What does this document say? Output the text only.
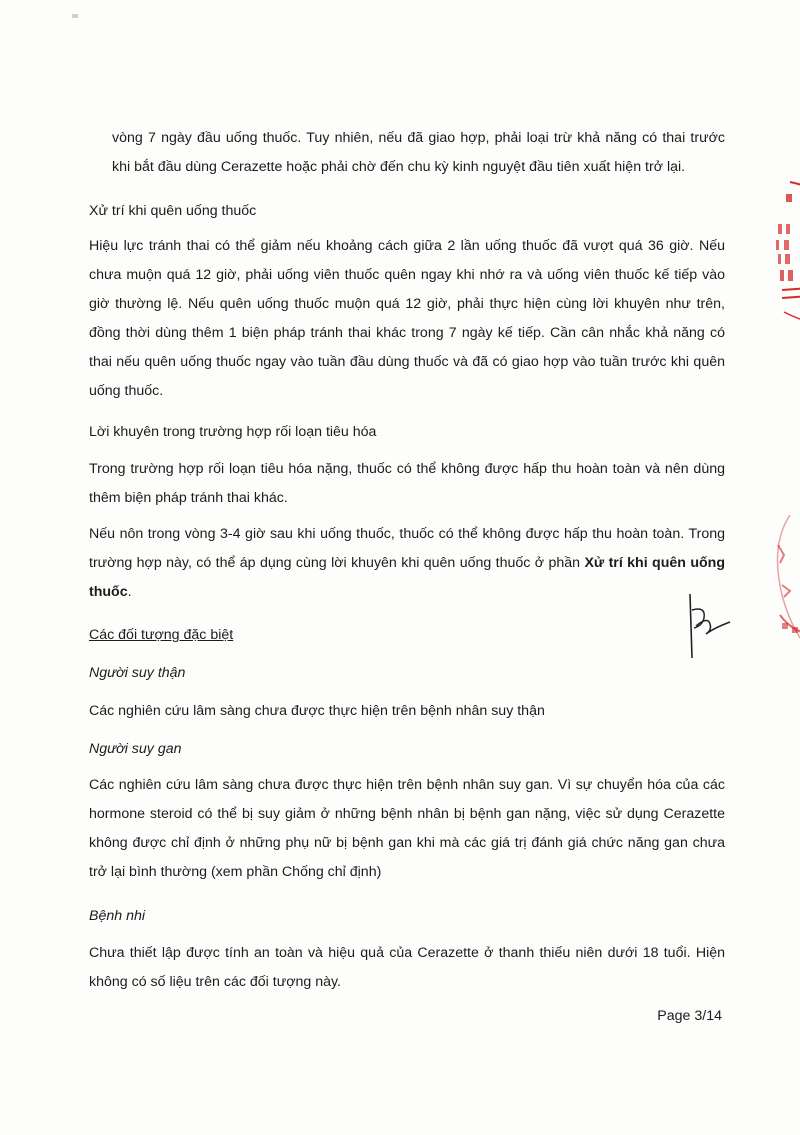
vòng 7 ngày đầu uống thuốc. Tuy nhiên, nếu đã giao hợp, phải loại trừ khả năng có thai trước
khi bắt đầu dùng Cerazette hoặc phải chờ đến chu kỳ kinh nguyệt đầu tiên xuất hiện trở lại.

Xử trí khi quên uống thuốc

Hiệu lực tránh thai có thể giảm nếu khoảng cách giữa 2 lần uống thuốc đã vượt quá 36 giờ. Nếu
chưa muộn quá 12 giờ, phải uống viên thuốc quên ngay khi nhớ ra và uống viên thuốc kế tiếp vào
giờ thường lệ. Nếu quên uống thuốc muộn quá 12 giờ, phải thực hiện cùng lời khuyên như trên,
đồng thời dùng thêm 1 biện pháp tránh thai khác trong 7 ngày kế tiếp. Cần cân nhắc khả năng có
thai nếu quên uống thuốc ngay vào tuần đầu dùng thuốc và đã có giao hợp vào tuần trước khi quên
uống thuốc.

Lời khuyên trong trường hợp rối loạn tiêu hóa

Trong trường hợp rối loạn tiêu hóa nặng, thuốc có thể không được hấp thu hoàn toàn và nên dùng
thêm biện pháp tránh thai khác.

Nếu nôn trong vòng 3-4 giờ sau khi uống thuốc, thuốc có thể không được hấp thu hoàn toàn. Trong
trường hợp này, có thể áp dụng cùng lời khuyên khi quên uống thuốc ở phần Xử trí khi quên uống
thuốc.

Các đối tượng đặc biệt

Người suy thận

Các nghiên cứu lâm sàng chưa được thực hiện trên bệnh nhân suy thận

Người suy gan

Các nghiên cứu lâm sàng chưa được thực hiện trên bệnh nhân suy gan. Vì sự chuyển hóa của các
hormone steroid có thể bị suy giảm ở những bệnh nhân bị bệnh gan nặng, việc sử dụng Cerazette
không được chỉ định ở những phụ nữ bị bệnh gan khi mà các giá trị đánh giá chức năng gan chưa
trở lại bình thường (xem phần Chống chỉ định)

Bệnh nhi

Chưa thiết lập được tính an toàn và hiệu quả của Cerazette ở thanh thiếu niên dưới 18 tuổi. Hiện
không có số liệu trên các đối tượng này.

Page 3/14
